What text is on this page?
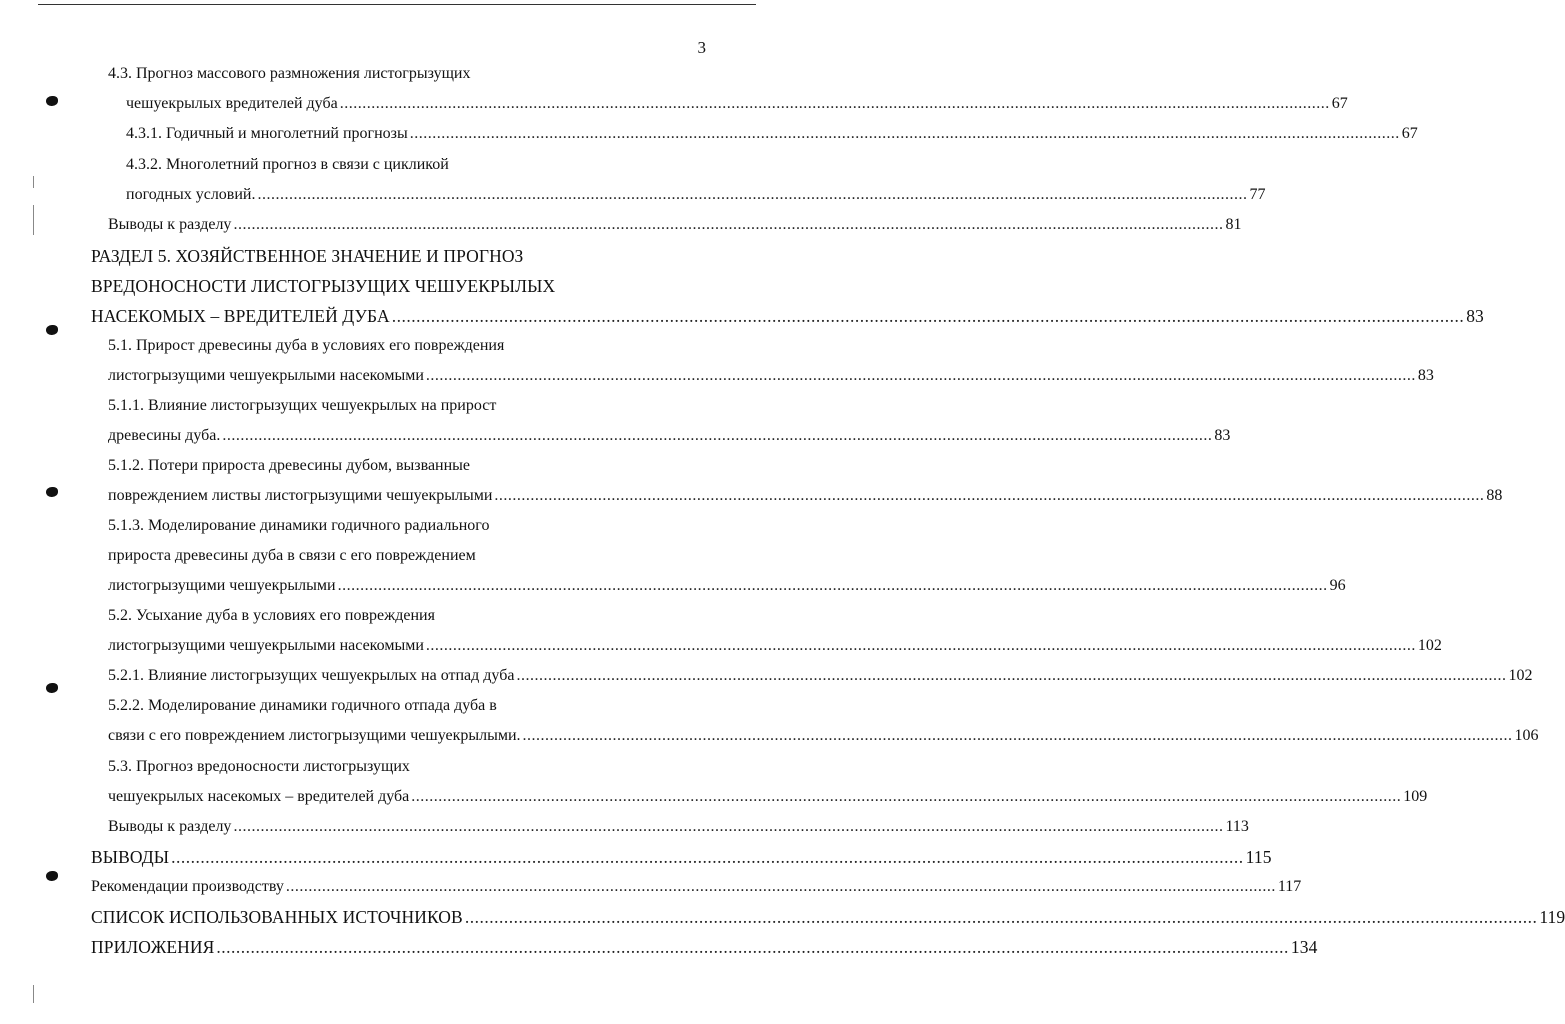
3
4.3. Прогноз массового размножения листогрызущих
чешуекрылых вредителей дуба ............................................................................................................................................................................................................................ 67
4.3.1. Годичный и многолетний прогнозы ............................................................................................................................................................................................................................ 67
4.3.2. Многолетний прогноз в связи с цикликой
погодных условий. ............................................................................................................................................................................................................................ 77
Выводы к разделу ............................................................................................................................................................................................................................ 81
РАЗДЕЛ 5. ХОЗЯЙСТВЕННОЕ ЗНАЧЕНИЕ И ПРОГНОЗ
ВРЕДОНОСНОСТИ ЛИСТОГРЫЗУЩИХ ЧЕШУЕКРЫЛЫХ
НАСЕКОМЫХ – ВРЕДИТЕЛЕЙ ДУБА ............................................................................................................................................................................................................................ 83
5.1. Прирост древесины дуба в условиях его повреждения
листогрызущими чешуекрылыми насекомыми ............................................................................................................................................................................................................................ 83
5.1.1. Влияние листогрызущих чешуекрылых на прирост
древесины дуба. ............................................................................................................................................................................................................................ 83
5.1.2. Потери прироста древесины дубом, вызванные
повреждением листвы листогрызущими чешуекрылыми ............................................................................................................................................................................................................................ 88
5.1.3. Моделирование динамики годичного радиального
прироста древесины дуба в связи с его повреждением
листогрызущими чешуекрылыми ............................................................................................................................................................................................................................ 96
5.2. Усыхание дуба в условиях его повреждения
листогрызущими чешуекрылыми насекомыми ............................................................................................................................................................................................................................ 102
5.2.1. Влияние листогрызущих чешуекрылых на отпад дуба ............................................................................................................................................................................................................................ 102
5.2.2. Моделирование динамики годичного отпада дуба в
связи с его повреждением листогрызущими чешуекрылыми. ............................................................................................................................................................................................................................ 106
5.3. Прогноз вредоносности листогрызущих
чешуекрылых насекомых – вредителей дуба ............................................................................................................................................................................................................................ 109
Выводы к разделу ............................................................................................................................................................................................................................ 113
ВЫВОДЫ ............................................................................................................................................................................................................................ 115
Рекомендации производству ............................................................................................................................................................................................................................ 117
СПИСОК ИСПОЛЬЗОВАННЫХ ИСТОЧНИКОВ ............................................................................................................................................................................................................................ 119
ПРИЛОЖЕНИЯ ............................................................................................................................................................................................................................ 134
